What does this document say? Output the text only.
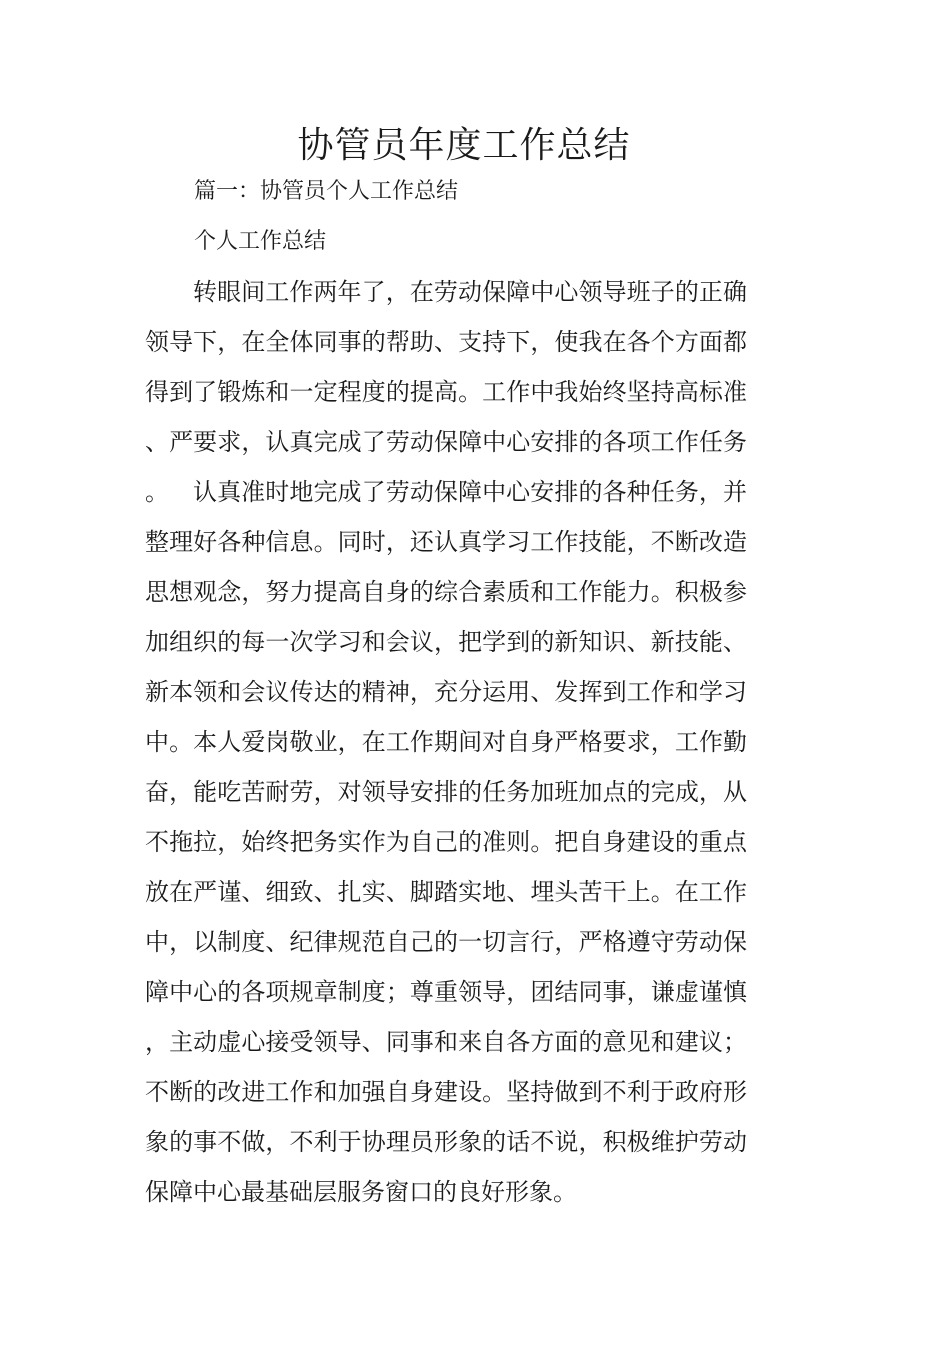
协管员年度工作总结

篇一：协管员个人工作总结

个人工作总结

转眼间工作两年了，在劳动保障中心领导班子的正确领导下，在全体同事的帮助、支持下，使我在各个方面都得到了锻炼和一定程度的提高。工作中我始终坚持高标准、严要求，认真完成了劳动保障中心安排的各项工作任务。	认真准时地完成了劳动保障中心安排的各种任务，并整理好各种信息。同时，还认真学习工作技能，不断改造思想观念，努力提高自身的综合素质和工作能力。积极参加组织的每一次学习和会议，把学到的新知识、新技能、新本领和会议传达的精神，充分运用、发挥到工作和学习中。本人爱岗敬业，在工作期间对自身严格要求，工作勤奋，能吃苦耐劳，对领导安排的任务加班加点的完成，从不拖拉，始终把务实作为自己的准则。把自身建设的重点放在严谨、细致、扎实、脚踏实地、埋头苦干上。在工作中，以制度、纪律规范自己的一切言行，严格遵守劳动保障中心的各项规章制度；尊重领导，团结同事，谦虚谨慎，主动虚心接受领导、同事和来自各方面的意见和建议；不断的改进工作和加强自身建设。坚持做到不利于政府形象的事不做，不利于协理员形象的话不说，积极维护劳动保障中心最基础层服务窗口的良好形象。
